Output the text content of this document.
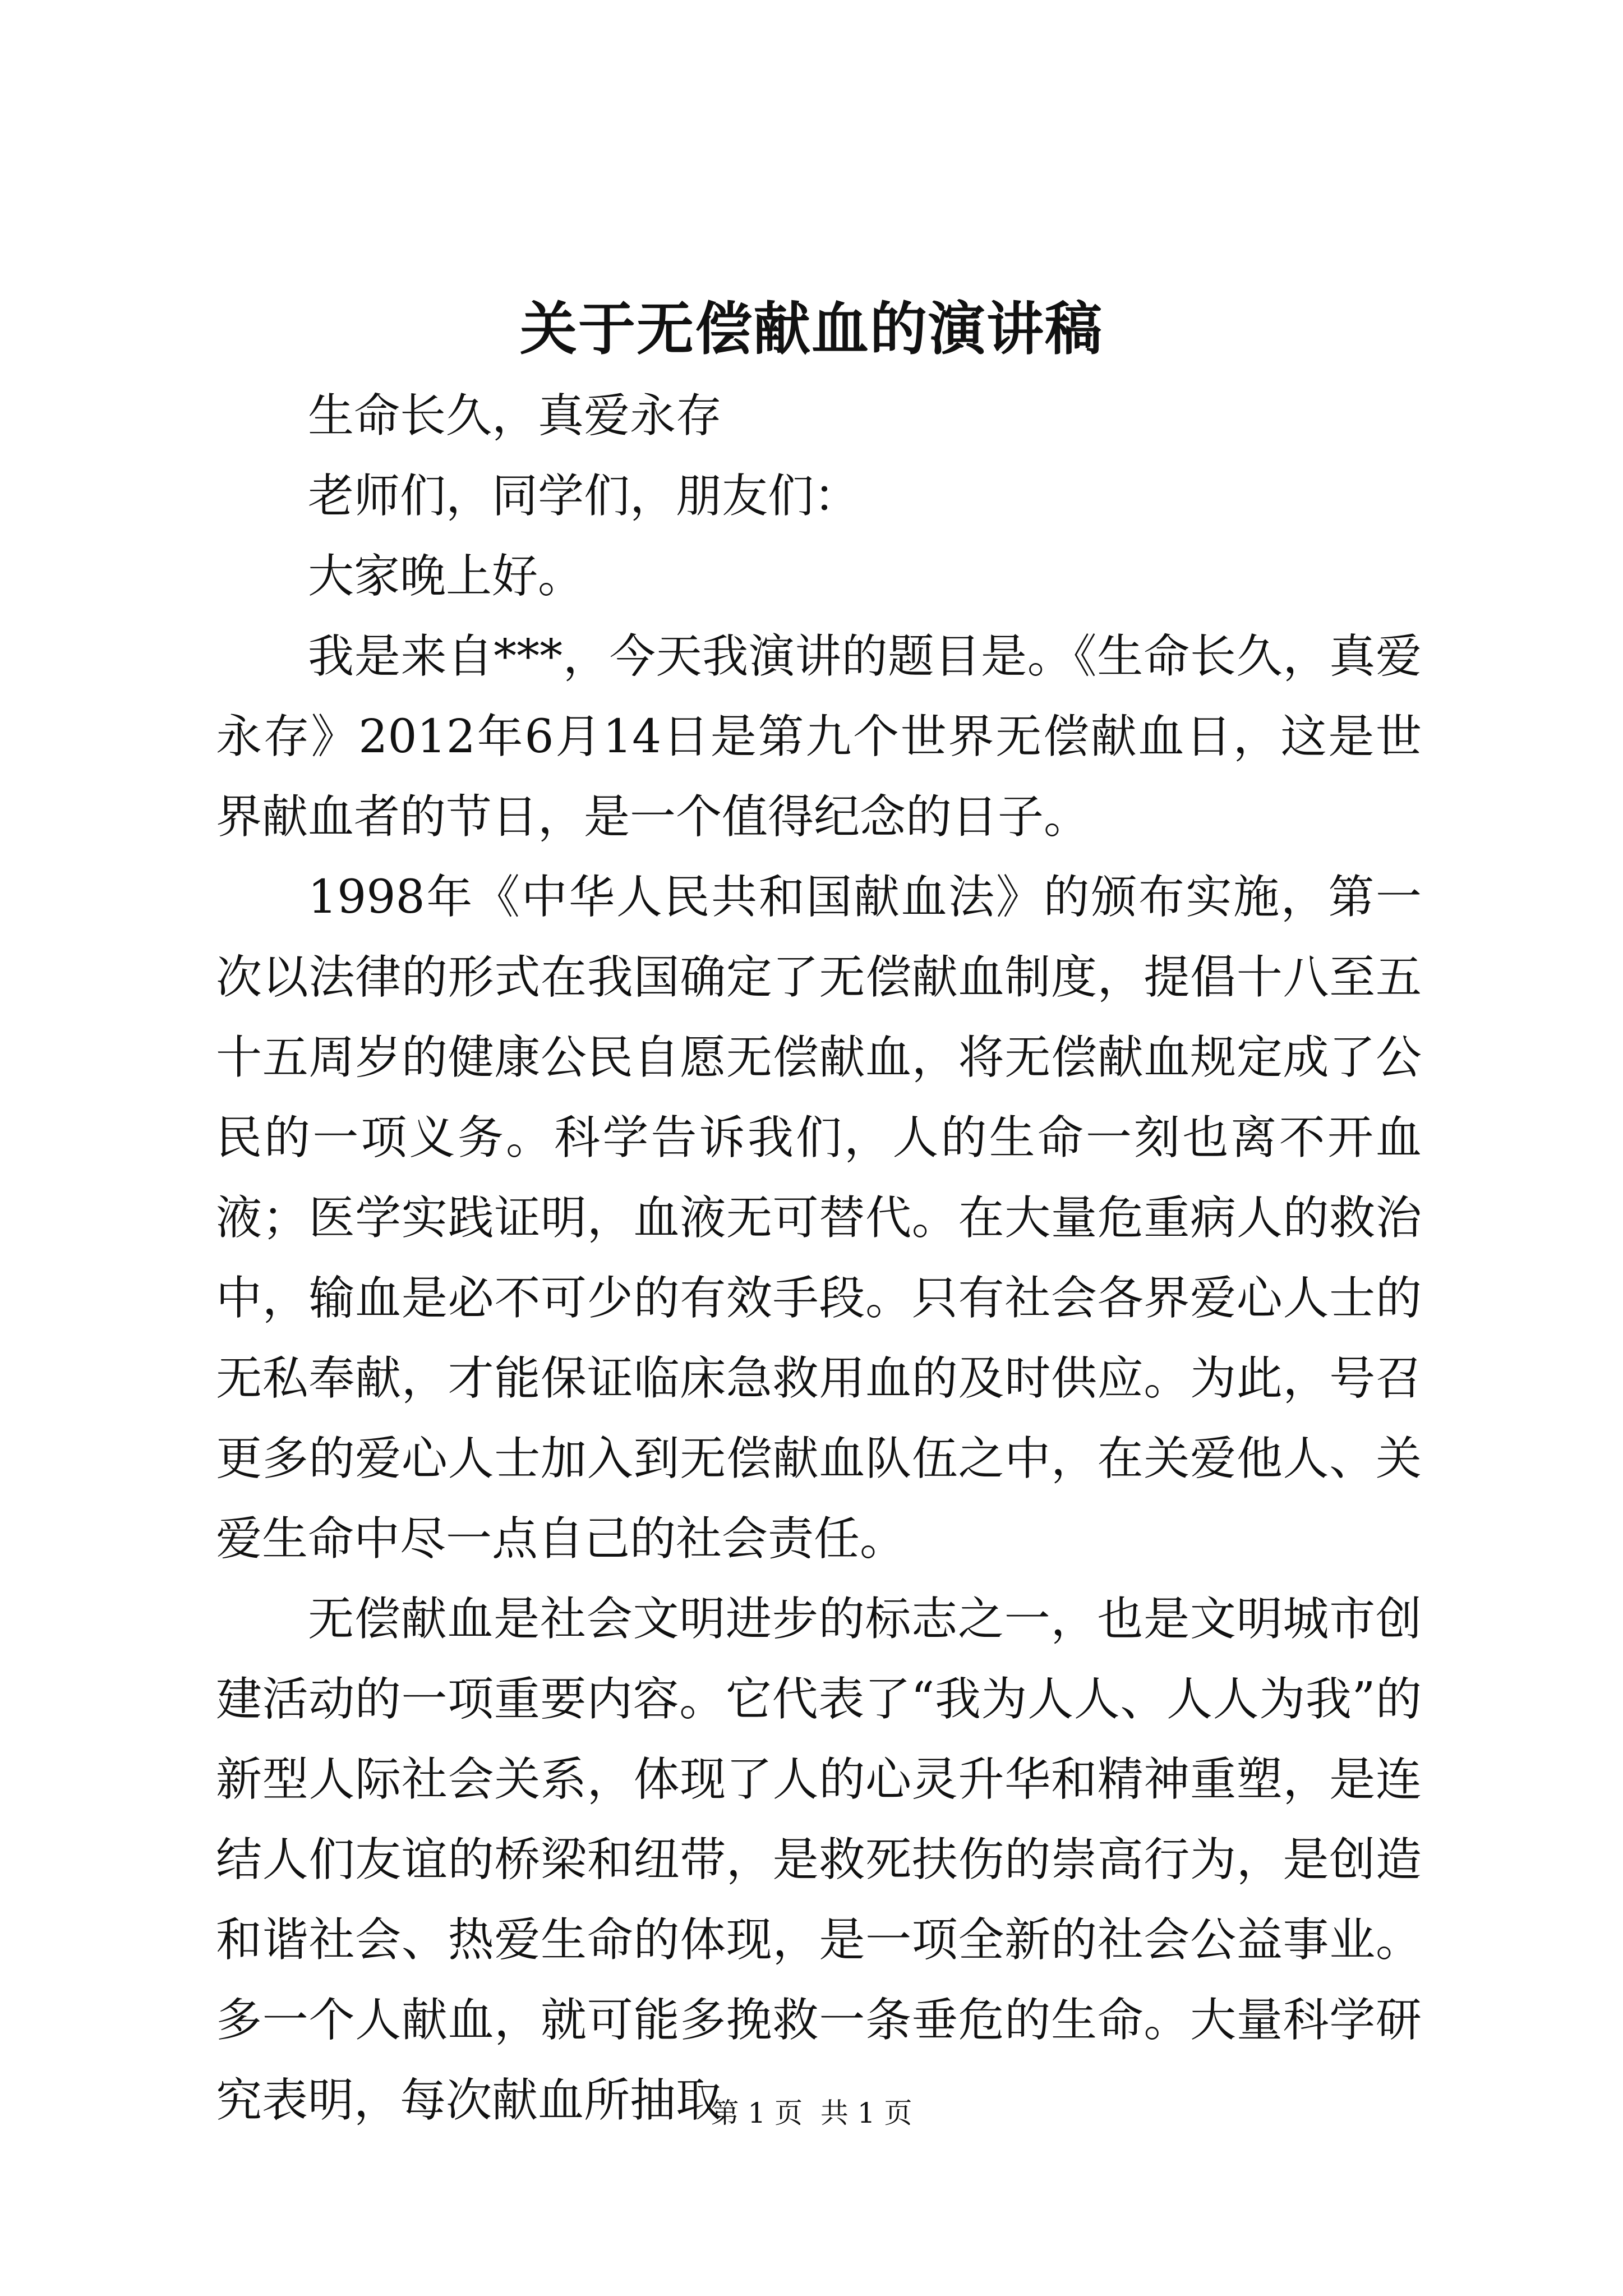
关于无偿献血的演讲稿

生命长久，真爱永存

老师们，同学们，朋友们：

大家晚上好。

我是来自***，今天我演讲的题目是。《生命长久，真爱永存》2012年6月14日是第九个世界无偿献血日，这是世界献血者的节日，是一个值得纪念的日子。

1998年《中华人民共和国献血法》的颁布实施，第一次以法律的形式在我国确定了无偿献血制度，提倡十八至五十五周岁的健康公民自愿无偿献血，将无偿献血规定成了公民的一项义务。科学告诉我们，人的生命一刻也离不开血液；医学实践证明，血液无可替代。在大量危重病人的救治中，输血是必不可少的有效手段。只有社会各界爱心人士的无私奉献，才能保证临床急救用血的及时供应。为此，号召更多的爱心人士加入到无偿献血队伍之中，在关爱他人、关爱生命中尽一点自己的社会责任。

无偿献血是社会文明进步的标志之一，也是文明城市创建活动的一项重要内容。它代表了“我为人人、人人为我”的新型人际社会关系，体现了人的心灵升华和精神重塑，是连结人们友谊的桥梁和纽带，是救死扶伤的崇高行为，是创造和谐社会、热爱生命的体现，是一项全新的社会公益事业。多一个人献血，就可能多挽救一条垂危的生命。大量科学研究表明，每次献血所抽取

第 1 页  共 1 页
